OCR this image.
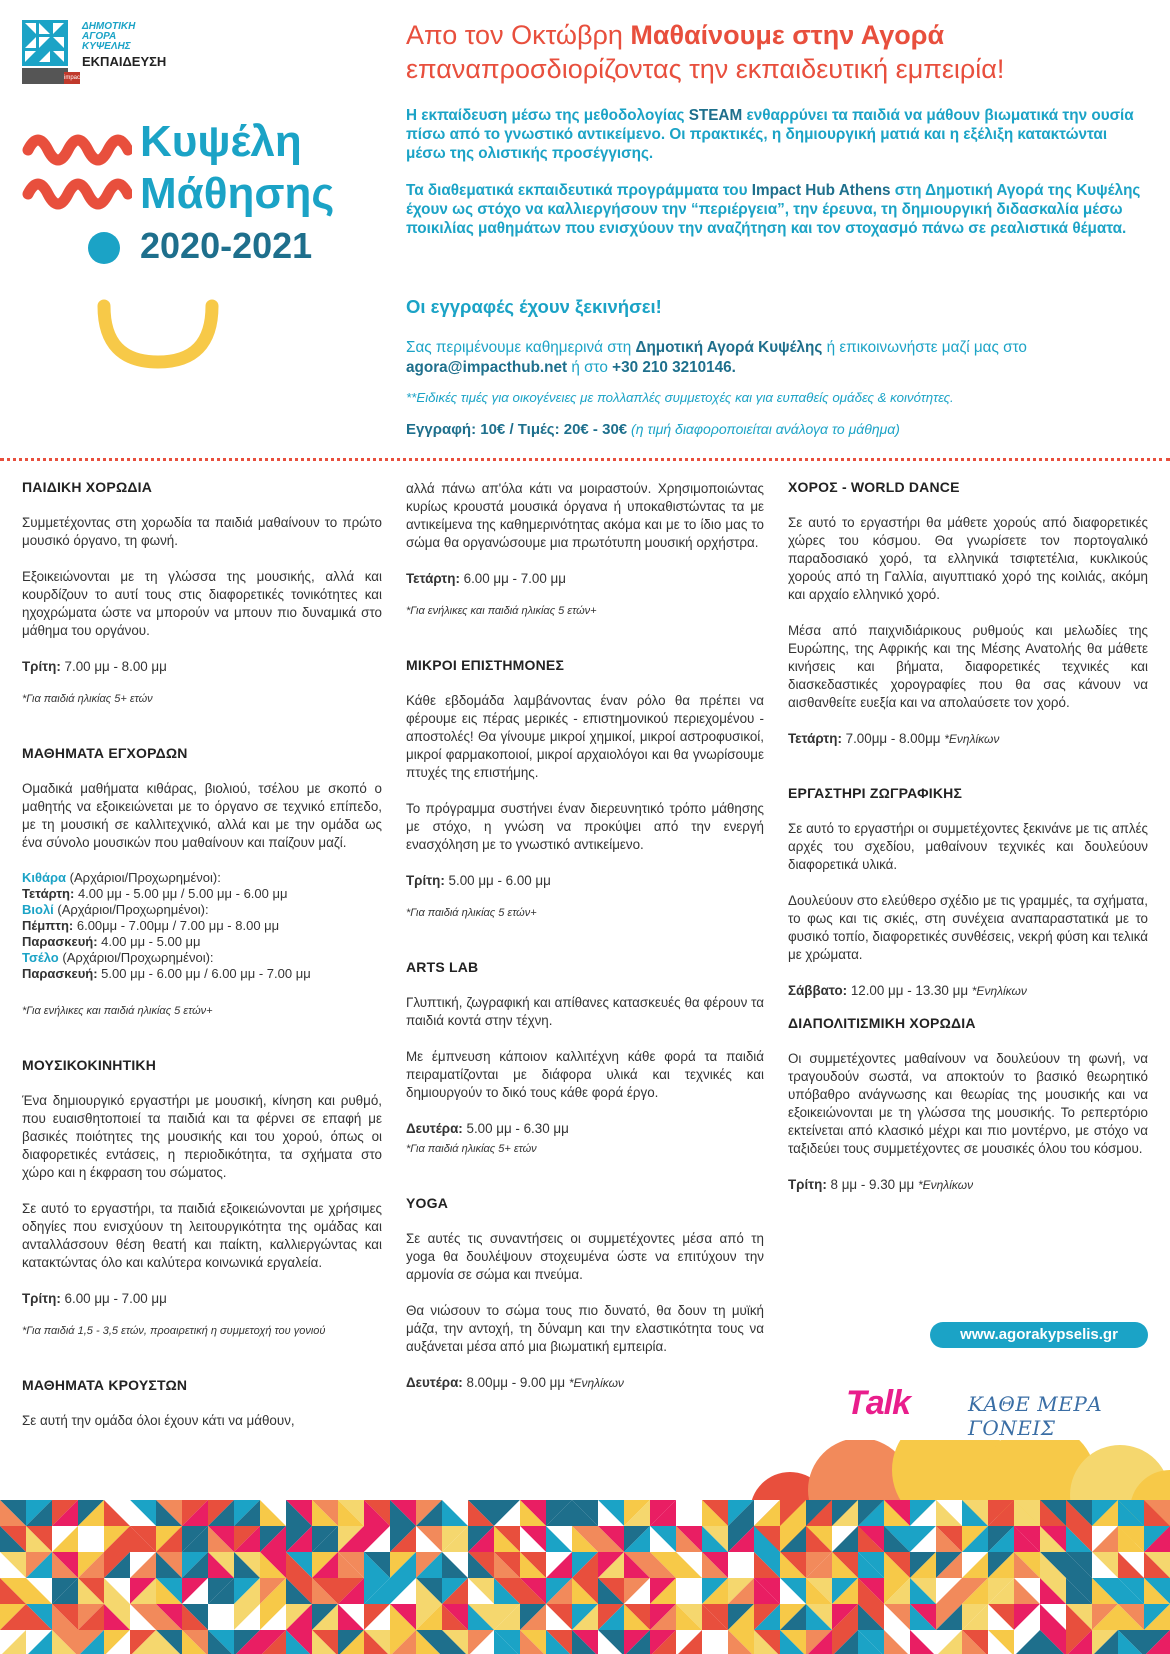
ΔΗΜΟΤΙΚΗ
ΑΓΟΡΑ
ΚΥΨΕΛΗΣ
ΕΚΠΑΙΔΕΥΣΗ
impact HUB
Κυψέλη
Μάθησης
2020-2021
Απο τον Οκτώβρη Μαθαίνουμε στην Αγορά
επαναπροσδιορίζοντας την εκπαιδευτική εμπειρία!

Η εκπαίδευση μέσω της μεθοδολογίας STEAM ενθαρρύνει τα παιδιά να μάθουν βιωματικά την ουσία πίσω από το γνωστικό αντικείμενο. Οι πρακτικές, η δημιουργική ματιά και η εξέλιξη κατακτώνται μέσω της ολιστικής προσέγγισης.

Τα διαθεματικά εκπαιδευτικά προγράμματα του Impact Hub Athens στη Δημοτική Αγορά της Κυψέλης έχουν ως στόχο να καλλιεργήσουν την “περιέργεια”, την έρευνα, τη δημιουργική διδασκαλία μέσω ποικιλίας μαθημάτων που ενισχύουν την αναζήτηση και τον στοχασμό πάνω σε ρεαλιστικά θέματα.

Οι εγγραφές έχουν ξεκινήσει!
Σας περιμένουμε καθημερινά στη Δημοτική Αγορά Κυψέλης ή επικοινωνήστε μαζί μας στο agora@impacthub.net ή στο +30 210 3210146.
**Ειδικές τιμές για οικογένειες με πολλαπλές συμμετοχές και για ευπαθείς ομάδες & κοινότητες.
Εγγραφή: 10€ / Τιμές: 20€ - 30€ (η τιμή διαφοροποιείται ανάλογα το μάθημα)
ΠΑΙΔΙΚΗ ΧΟΡΩΔΙΑ

Συμμετέχοντας στη χορωδία τα παιδιά μαθαίνουν το πρώτο μουσικό όργανο, τη φωνή.

Εξοικειώνονται με τη γλώσσα της μουσικής, αλλά και κουρδίζουν το αυτί τους στις διαφορετικές τονικότητες και ηχοχρώματα ώστε να μπορούν να μπουν πιο δυναμικά στο μάθημα του οργάνου.

Τρίτη: 7.00 μμ - 8.00 μμ
*Για παιδιά ηλικίας 5+ ετών
ΜΑΘΗΜΑΤΑ ΕΓΧΟΡΔΩΝ

Ομαδικά μαθήματα κιθάρας, βιολιού, τσέλου με σκοπό ο μαθητής να εξοικειώνεται με το όργανο σε τεχνικό επίπεδο, με τη μουσική σε καλλιτεχνικό, αλλά και με την ομάδα ως ένα σύνολο μουσικών που μαθαίνουν και παίζουν μαζί.

Κιθάρα (Αρχάριοι/Προχωρημένοι):
Τετάρτη: 4.00 μμ - 5.00 μμ / 5.00 μμ - 6.00 μμ
Βιολί (Αρχάριοι/Προχωρημένοι):
Πέμπτη: 6.00μμ - 7.00μμ / 7.00 μμ - 8.00 μμ
Παρασκευή: 4.00 μμ - 5.00 μμ
Τσέλο (Αρχάριοι/Προχωρημένοι):
Παρασκευή: 5.00 μμ - 6.00 μμ / 6.00 μμ - 7.00 μμ
*Για ενήλικες και παιδιά ηλικίας 5 ετών+
ΜΟΥΣΙΚΟΚΙΝΗΤΙΚΗ

Ένα δημιουργικό εργαστήρι με μουσική, κίνηση και ρυθμό, που ευαισθητοποιεί τα παιδιά και τα φέρνει σε επαφή με βασικές ποιότητες της μουσικής και του χορού, όπως οι διαφορετικές εντάσεις, η περιοδικότητα, τα σχήματα στο χώρο και η έκφραση του σώματος.

Σε αυτό το εργαστήρι, τα παιδιά εξοικειώνονται με χρήσιμες οδηγίες που ενισχύουν τη λειτουργικότητα της ομάδας και ανταλλάσσουν θέση θεατή και παίκτη, καλλιεργώντας και κατακτώντας όλο και καλύτερα κοινωνικά εργαλεία.

Τρίτη: 6.00 μμ - 7.00 μμ
*Για παιδιά 1,5 - 3,5 ετών, προαιρετική η συμμετοχή του γονιού
ΜΑΘΗΜΑΤΑ ΚΡΟΥΣΤΩΝ

Σε αυτή την ομάδα όλοι έχουν κάτι να μάθουν,

αλλά πάνω απ'όλα κάτι να μοιραστούν. Χρησιμοποιώντας κυρίως κρουστά μουσικά όργανα ή υποκαθιστώντας τα με αντικείμενα της καθημερινότητας ακόμα και με το ίδιο μας το σώμα θα οργανώσουμε μια πρωτότυπη μουσική ορχήστρα.

Τετάρτη: 6.00 μμ - 7.00 μμ
*Για ενήλικες και παιδιά ηλικίας 5 ετών+
ΜΙΚΡΟΙ ΕΠΙΣΤΗΜΟΝΕΣ

Κάθε εβδομάδα λαμβάνοντας έναν ρόλο θα πρέπει να φέρουμε εις πέρας μερικές - επιστημονικού περιεχομένου - αποστολές! Θα γίνουμε μικροί χημικοί, μικροί αστροφυσικοί, μικροί φαρμακοποιοί, μικροί αρχαιολόγοι και θα γνωρίσουμε πτυχές της επιστήμης.

Το πρόγραμμα συστήνει έναν διερευνητικό τρόπο μάθησης με στόχο, η γνώση να προκύψει από την ενεργή ενασχόληση με το γνωστικό αντικείμενο.

Τρίτη: 5.00 μμ - 6.00 μμ
*Για παιδιά ηλικίας 5 ετών+
ARTS LAB

Γλυπτική, ζωγραφική και απίθανες κατασκευές θα φέρουν τα παιδιά κοντά στην τέχνη.

Με έμπνευση κάποιον καλλιτέχνη κάθε φορά τα παιδιά πειραματίζονται με διάφορα υλικά και τεχνικές και δημιουργούν το δικό τους κάθε φορά έργο.

Δευτέρα: 5.00 μμ - 6.30 μμ
*Για παιδιά ηλικίας 5+ ετών
YOGA

Σε αυτές τις συναντήσεις οι συμμετέχοντες μέσα από τη yoga θα δουλέψουν στοχευμένα ώστε να επιτύχουν την αρμονία σε σώμα και πνεύμα.

Θα νιώσουν το σώμα τους πιο δυνατό, θα δουν τη μυϊκή μάζα, την αντοχή, τη δύναμη και την ελαστικότητα τους να αυξάνεται μέσα από μια βιωματική εμπειρία.

Δευτέρα: 8.00μμ - 9.00 μμ *Ενηλίκων
ΧΟΡΟΣ - WORLD DANCE

Σε αυτό το εργαστήρι θα μάθετε χορούς από διαφορετικές χώρες του κόσμου. Θα γνωρίσετε τον πορτογαλικό παραδοσιακό χορό, τα ελληνικά τσιφτετέλια, κυκλικούς χορούς από τη Γαλλία, αιγυπτιακό χορό της κοιλιάς, ακόμη και αρχαίο ελληνικό χορό.

Μέσα από παιχνιδιάρικους ρυθμούς και μελωδίες της Ευρώπης, της Αφρικής και της Μέσης Ανατολής θα μάθετε κινήσεις και βήματα, διαφορετικές τεχνικές και διασκεδαστικές χορογραφίες που θα σας κάνουν να αισθανθείτε ευεξία και να απολαύσετε τον χορό.

Τετάρτη: 7.00μμ - 8.00μμ *Ενηλίκων
ΕΡΓΑΣΤΗΡΙ ΖΩΓΡΑΦΙΚΗΣ

Σε αυτό το εργαστήρι οι συμμετέχοντες ξεκινάνε με τις απλές αρχές του σχεδίου, μαθαίνουν τεχνικές και δουλεύουν διαφορετικά υλικά.

Δουλεύουν στο ελεύθερο σχέδιο με τις γραμμές, τα σχήματα, το φως και τις σκιές, στη συνέχεια αναπαραστατικά με το φυσικό τοπίο, διαφορετικές συνθέσεις, νεκρή φύση και τελικά με χρώματα.

Σάββατο: 12.00 μμ - 13.30 μμ *Ενηλίκων
ΔΙΑΠΟΛΙΤΙΣΜΙΚΗ ΧΟΡΩΔΙΑ

Οι συμμετέχοντες μαθαίνουν να δουλεύουν τη φωνή, να τραγουδούν σωστά, να αποκτούν το βασικό θεωρητικό υπόβαθρο ανάγνωσης και θεωρίας της μουσικής και να εξοικειώνονται με τη γλώσσα της μουσικής. Το ρεπερτόριο εκτείνεται από κλασικό μέχρι και πιο μοντέρνο, με στόχο να ταξιδεύει τους συμμετέχοντες σε μουσικές όλου του κόσμου.

Τρίτη: 8 μμ - 9.30 μμ *Ενηλίκων
www.agorakypselis.gr
Τalk	ΚΑΘΕ ΜΕΡΑ ΓΟΝΕΙΣ
